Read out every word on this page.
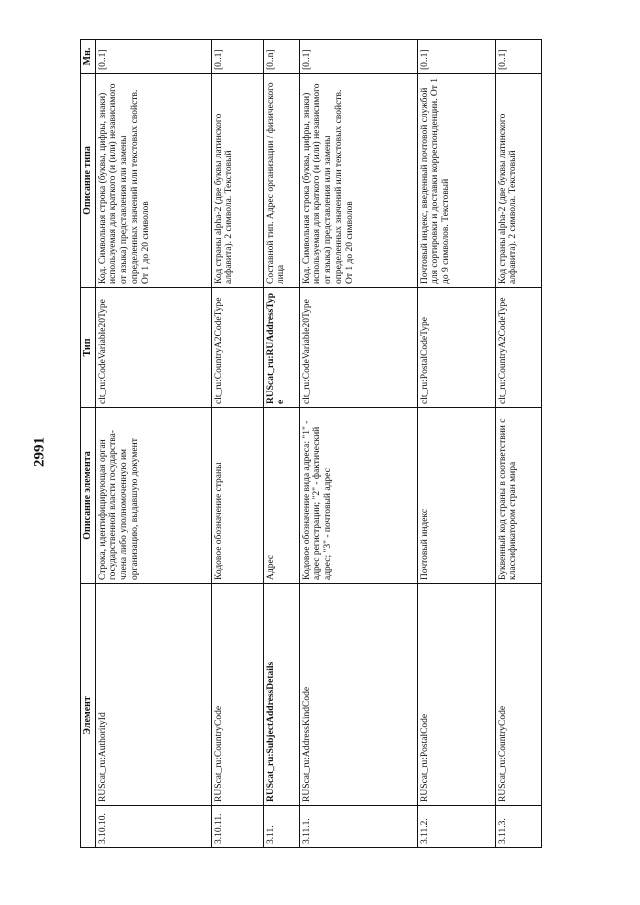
2991
Элемент		Описание элемента	Тип	Описание типа	Мн.
3.10.10.	RUScat_ru:AuthorityId	Строка, идентифицирующая орган государственной власти государства-члена либо уполномоченную им организацию, выдавшую документ	clt_ru:CodeVariable20Type	Код. Символьная строка (буквы, цифры, знаки) используемая для краткого (и (или) независимого от языка) представления или замены определенных значений или текстовых свойств. От 1 до 20 символов	[0..1]
3.10.11.	RUScat_ru:CountryCode	Кодовое обозначение страны	clt_ru:CountryA2CodeType	Код страны alpha-2 (две буквы латинского алфавита). 2 символа. Текстовый	[0..1]
3.11.	RUScat_ru:SubjectAddressDetails	Адрес	RUScat_ru:RUAddressType	Составной тип. Адрес организации / физического лица	[0..n]
3.11.1.	RUScat_ru:AddressKindCode	Кодовое обозначение вида адреса: "1" - адрес регистрации; "2" - фактический адрес; "3" - почтовый адрес	clt_ru:CodeVariable20Type	Код. Символьная строка (буквы, цифры, знаки) используемая для краткого (и (или) независимого от языка) представления или замены определенных значений или текстовых свойств. От 1 до 20 символов	[0..1]
3.11.2.	RUScat_ru:PostalCode	Почтовый индекс	clt_ru:PostalCodeType	Почтовый индекс, введенный почтовой службой для сортировки и доставки корреспонденции. От 1 до 9 символов. Текстовый	[0..1]
3.11.3.	RUScat_ru:CountryCode	Буквенный код страны в соответствии с классификатором стран мира	clt_ru:CountryA2CodeType	Код страны alpha-2 (две буквы латинского алфавита). 2 символа. Текстовый	[0..1]
